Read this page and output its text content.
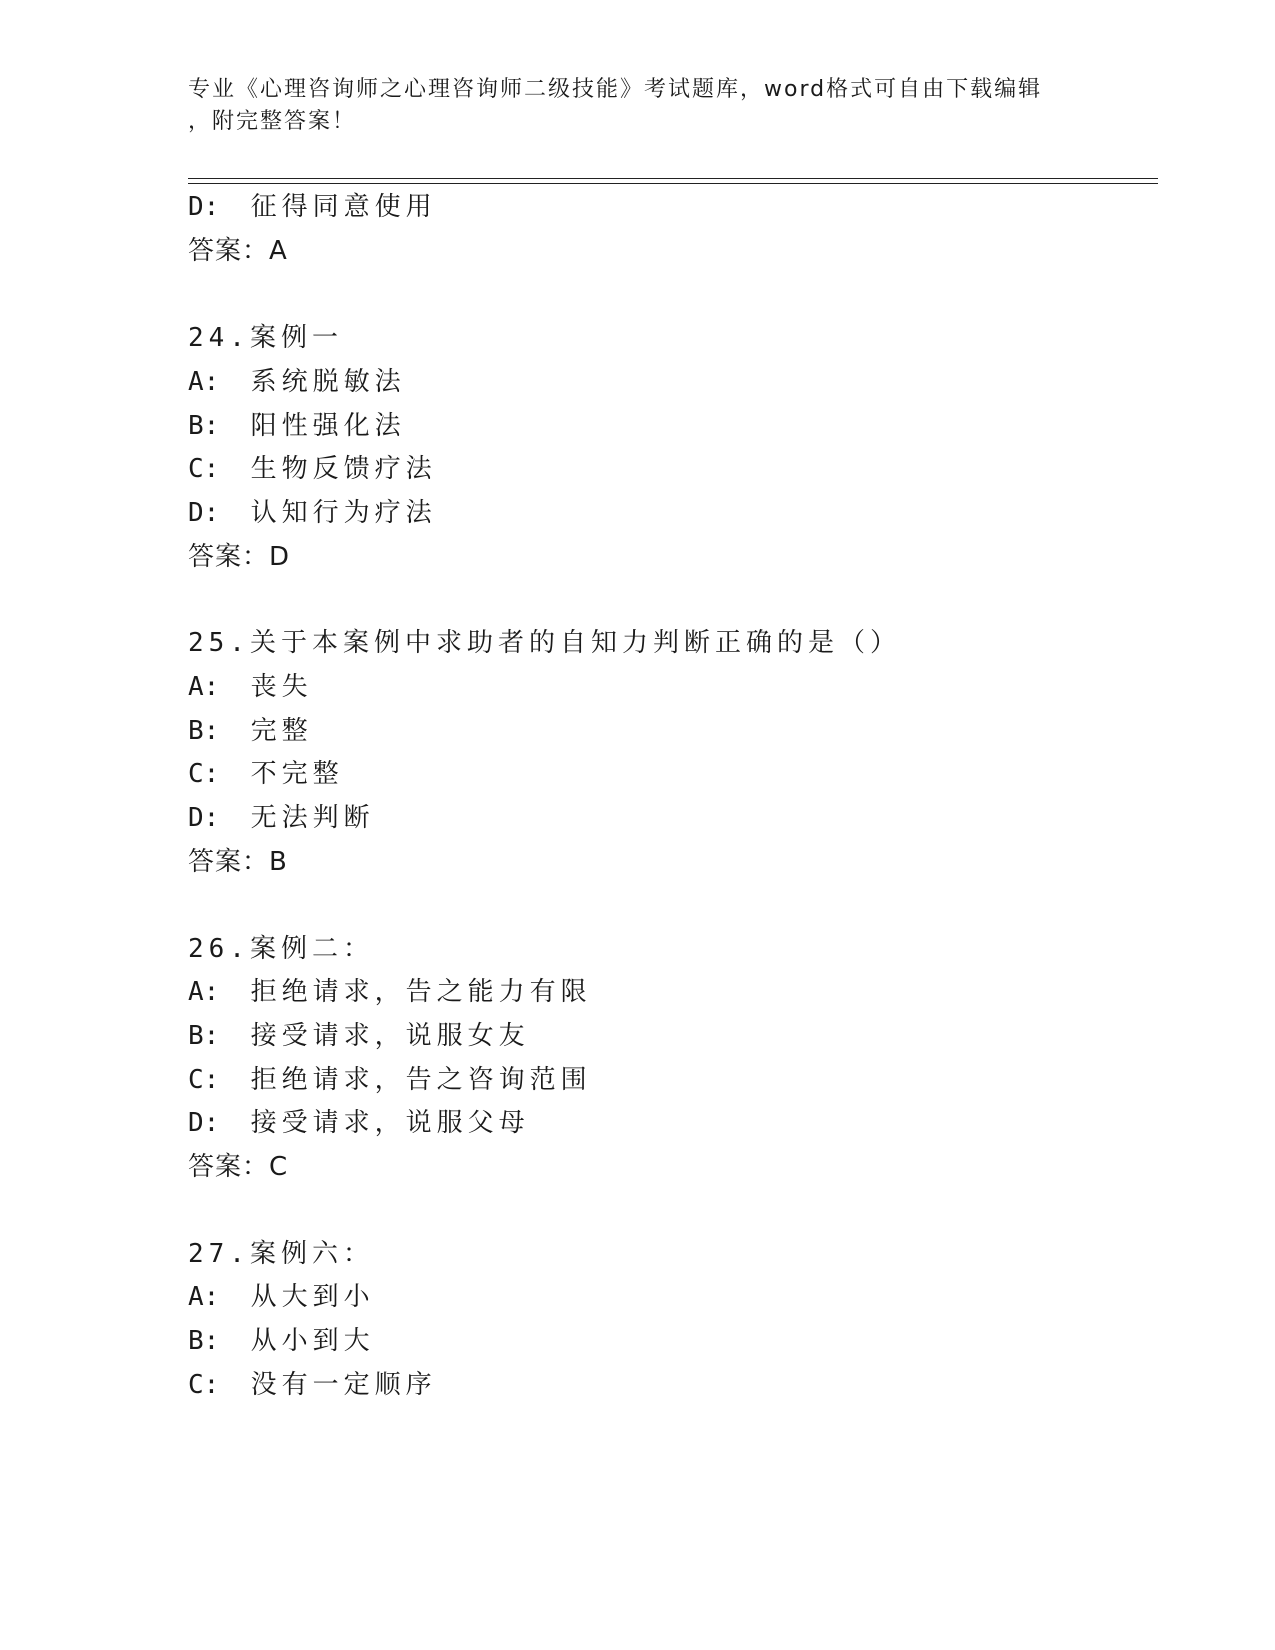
专业《心理咨询师之心理咨询师二级技能》考试题库，word格式可自由下载编辑
，附完整答案！
D: 征得同意使用
答案：A
24.案例一
A: 系统脱敏法
B: 阳性强化法
C: 生物反馈疗法
D: 认知行为疗法
答案：D
25.关于本案例中求助者的自知力判断正确的是（）
A: 丧失
B: 完整
C: 不完整
D: 无法判断
答案：B
26.案例二：
A: 拒绝请求，告之能力有限
B: 接受请求，说服女友
C: 拒绝请求，告之咨询范围
D: 接受请求，说服父母
答案：C
27.案例六：
A: 从大到小
B: 从小到大
C: 没有一定顺序
